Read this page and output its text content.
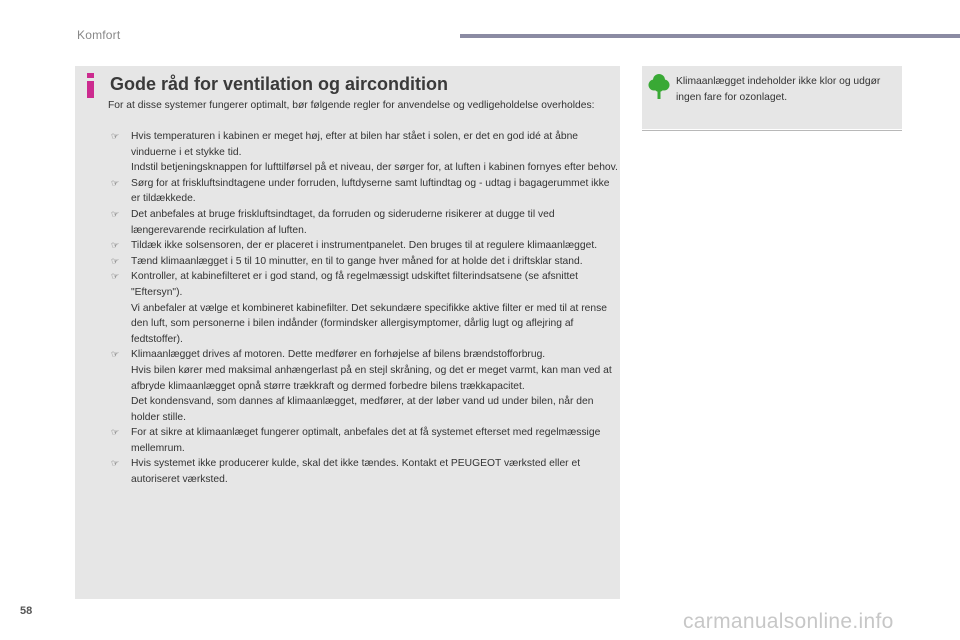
Komfort
Gode råd for ventilation og aircondition
For at disse systemer fungerer optimalt, bør følgende regler for anvendelse og vedligeholdelse overholdes:
☞ Hvis temperaturen i kabinen er meget høj, efter at bilen har stået i solen, er det en god idé at åbne vinduerne i et stykke tid.

Indstil betjeningsknappen for lufttilførsel på et niveau, der sørger for, at luften i kabinen fornyes efter behov.

☞ Sørg for at friskluftsindtagene under forruden, luftdyserne samt luftindtag og - udtag i bagagerummet ikke er tildækkede.

☞ Det anbefales at bruge friskluftsindtaget, da forruden og sideruderne risikerer at dugge til ved længerevarende recirkulation af luften.

☞ Tildæk ikke solsensoren, der er placeret i instrumentpanelet. Den bruges til at regulere klimaanlægget.

☞ Tænd klimaanlægget i 5 til 10 minutter, en til to gange hver måned for at holde det i driftsklar stand.

☞ Kontroller, at kabinefilteret er i god stand, og få regelmæssigt udskiftet filterindsatsene (se afsnittet "Eftersyn").

Vi anbefaler at vælge et kombineret kabinefilter. Det sekundære specifikke aktive filter er med til at rense den luft, som personerne i bilen indånder (formindsker allergisymptomer, dårlig lugt og aflejring af fedtstoffer).

☞ Klimaanlægget drives af motoren. Dette medfører en forhøjelse af bilens brændstofforbrug.

Hvis bilen kører med maksimal anhængerlast på en stejl skråning, og det er meget varmt, kan man ved at afbryde klimaanlægget opnå større trækkraft og dermed forbedre bilens trækkapacitet.

Det kondensvand, som dannes af klimaanlægget, medfører, at der løber vand ud under bilen, når den holder stille.

☞ For at sikre at klimaanlæget fungerer optimalt, anbefales det at få systemet efterset med regelmæssige mellemrum.

☞ Hvis systemet ikke producerer kulde, skal det ikke tændes. Kontakt et PEUGEOT værksted eller et autoriseret værksted.

Klimaanlægget indeholder ikke klor og udgør ingen fare for ozonlaget.
58	carmanualsonline.info
